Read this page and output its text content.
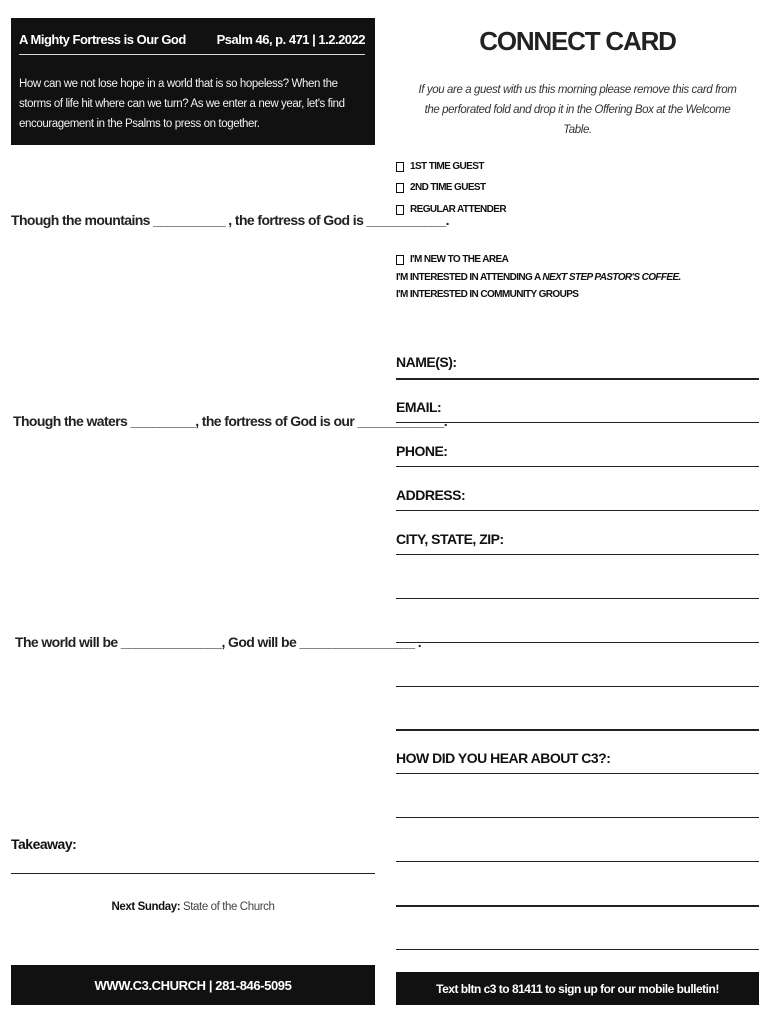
A Mighty Fortress is Our God Psalm 46, p. 471 | 1.2.2022
How can we not lose hope in a world that is so hopeless? When the storms of life hit where can we turn? As we enter a new year, let's find encouragement in the Psalms to press on together.
Though the mountains __________ , the fortress of God is ___________.
Though the waters _________, the fortress of God is our ____________.
The world will be ______________, God will be ________________ .
Takeaway:
Next Sunday: State of the Church
WWW.C3.CHURCH | 281-846-5095
CONNECT CARD
If you are a guest with us this morning please remove this card from the perforated fold and drop it in the Offering Box at the Welcome Table.
1ST TIME GUEST
2ND TIME GUEST
REGULAR ATTENDER
I'M NEW TO THE AREA
I'M INTERESTED IN ATTENDING A NEXT STEP PASTOR'S COFFEE.
I'M INTERESTED IN COMMUNITY GROUPS
NAME(S):
EMAIL:
PHONE:
ADDRESS:
CITY, STATE, ZIP:
HOW DID YOU HEAR ABOUT C3?:
Text bltn c3 to 81411 to sign up for our mobile bulletin!
